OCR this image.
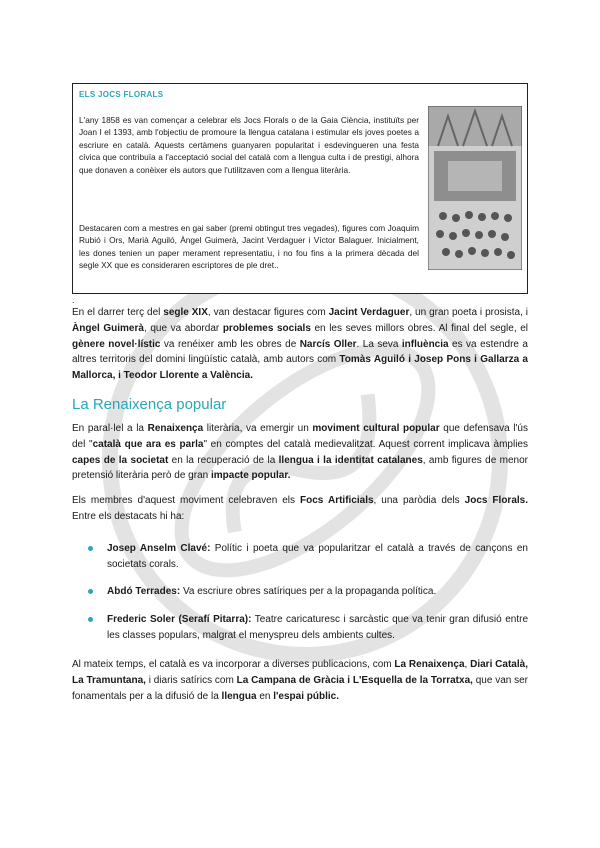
ELS JOCS FLORALS
L'any 1858 es van començar a celebrar els Jocs Florals o de la Gaia Ciència, instituïts per Joan I el 1393, amb l'objectiu de promoure la llengua catalana i estimular els joves poetes a escriure en català. Aquests certàmens guanyaren popularitat i esdevingueren una festa cívica que contribuïa a l'acceptació social del català com a llengua culta i de prestigi, alhora que donaven a conèixer els autors que l'utilitzaven com a llengua literària.
Destacaren com a mestres en gai saber (premi obtingut tres vegades), figures com Joaquim Rubió i Ors, Marià Aguiló, Àngel Guimerà, Jacint Verdaguer i Víctor Balaguer. Inicialment, les dones tenien un paper merament representatiu, i no fou fins a la primera dècada del segle XX que es consideraren escriptores de ple dret..
.
En el darrer terç del segle XIX, van destacar figures com Jacint Verdaguer, un gran poeta i prosista, i Àngel Guimerà, que va abordar problemes socials en les seves millors obres. Al final del segle, el gènere novel·lístic va renéixer amb les obres de Narcís Oller. La seva influència es va estendre a altres territoris del domini lingüístic català, amb autors com Tomàs Aguiló i Josep Pons i Gallarza a Mallorca, i Teodor Llorente a València.
La Renaixença popular
En paral·lel a la Renaixença literària, va emergir un moviment cultural popular que defensava l'ús del "català que ara es parla" en comptes del català medievalitzat. Aquest corrent implicava àmplies capes de la societat en la recuperació de la llengua i la identitat catalanes, amb figures de menor pretensió literària però de gran impacte popular.
Els membres d'aquest moviment celebraven els Focs Artificials, una paròdia dels Jocs Florals. Entre els destacats hi ha:
Josep Anselm Clavé: Polític i poeta que va popularitzar el català a través de cançons en societats corals.
Abdó Terrades: Va escriure obres satíriques per a la propaganda política.
Frederic Soler (Serafí Pitarra): Teatre caricaturesc i sarcàstic que va tenir gran difusió entre les classes populars, malgrat el menyspreu dels ambients cultes.
Al mateix temps, el català es va incorporar a diverses publicacions, com La Renaixença, Diari Català, La Tramuntana, i diaris satírics com La Campana de Gràcia i L'Esquella de la Torratxa, que van ser fonamentals per a la difusió de la llengua en l'espai públic.
